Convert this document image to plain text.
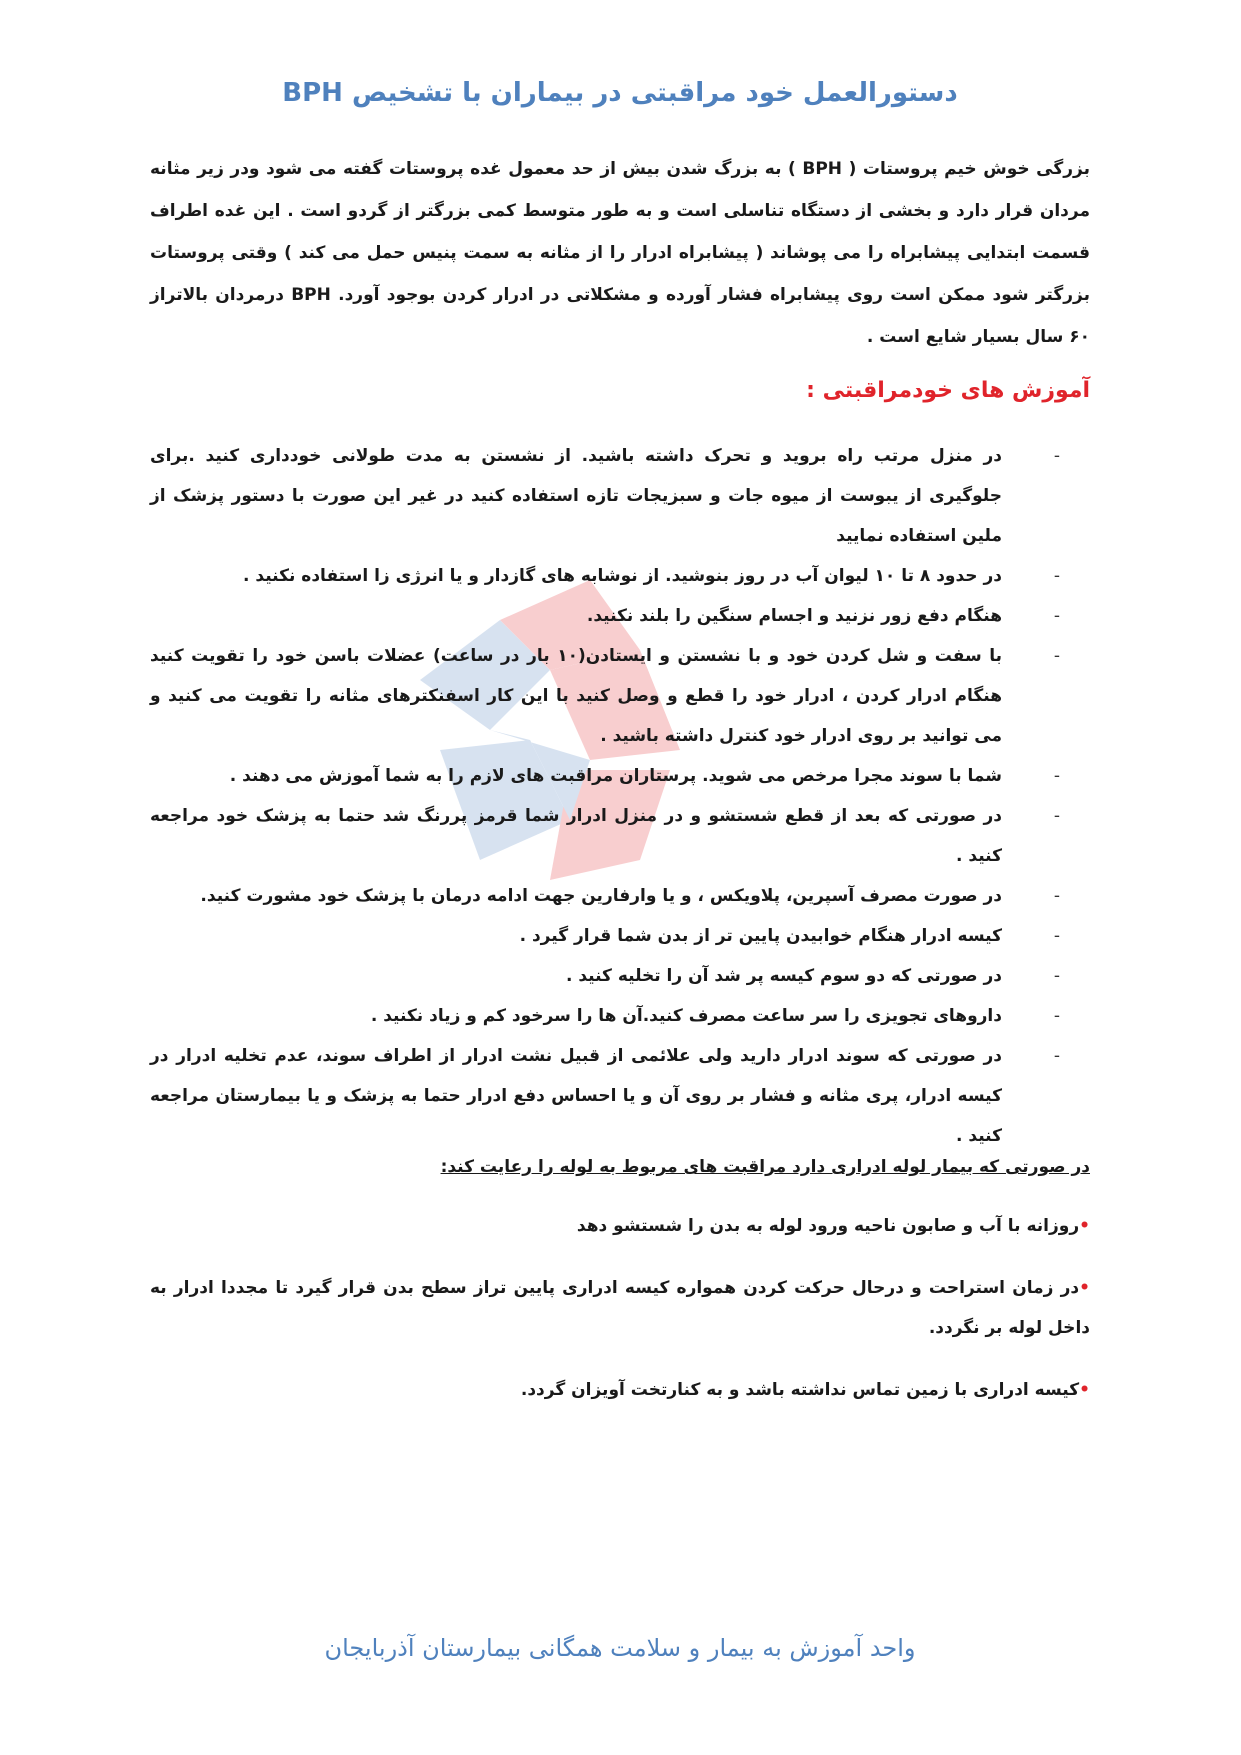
دستورالعمل خود مراقبتی در بیماران با تشخیص BPH

بزرگی خوش خیم پروستات ( BPH ) به بزرگ شدن بیش از حد معمول غده پروستات گفته می شود ودر زیر مثانه مردان قرار دارد و بخشی از دستگاه تناسلی است و به طور متوسط کمی بزرگتر از گردو است . این غده اطراف قسمت ابتدایی پیشابراه را می پوشاند ( پیشابراه ادرار را از مثانه به سمت پنیس حمل می کند ) وقتی پروستات بزرگتر شود ممکن است روی پیشابراه فشار آورده و مشکلاتی در ادرار کردن بوجود آورد. BPH درمردان بالاتراز ۶۰ سال بسیار شایع است .

آموزش های خودمراقبتی :
-
در منزل مرتب راه بروید و تحرک داشته باشید. از نشستن به مدت طولانی خودداری کنید .برای جلوگیری از یبوست از میوه جات و سبزیجات تازه استفاده کنید در غیر این صورت با دستور پزشک از ملین استفاده نمایید
-
در حدود ۸ تا ۱۰ لیوان آب در روز بنوشید. از نوشابه های گازدار و یا انرژی زا استفاده نکنید .
-
هنگام دفع زور نزنید و اجسام سنگین را بلند نکنید.
-
با سفت و شل کردن خود و با نشستن و ایستادن(۱۰ بار در ساعت) عضلات باسن خود را تقویت کنید هنگام ادرار کردن ، ادرار خود را قطع و وصل کنید با این کار اسفنکترهای مثانه را تقویت می کنید و می توانید بر روی ادرار خود کنترل داشته باشید .
-
شما با سوند مجرا مرخص می شوید. پرستاران مراقبت های لازم را به شما آموزش می دهند .
-
در صورتی که بعد از قطع شستشو و در منزل ادرار شما قرمز پررنگ شد حتما به پزشک خود مراجعه کنید .
-
در صورت مصرف آسپرین، پلاویکس ، و یا وارفارین جهت ادامه درمان با پزشک خود مشورت کنید.
-
کیسه ادرار هنگام خوابیدن پایین تر از بدن شما قرار گیرد .
-
در صورتی که دو سوم کیسه پر شد آن را تخلیه کنید .
-
داروهای تجویزی را سر ساعت مصرف کنید.آن ها را سرخود کم و زیاد نکنید .
-
در صورتی که سوند ادرار دارید ولی علائمی از قبیل نشت ادرار از اطراف سوند، عدم تخلیه ادرار در کیسه ادرار، پری مثانه و فشار بر روی آن و یا احساس دفع ادرار حتما به پزشک و یا بیمارستان مراجعه کنید .
در صورتی که بیمار لوله ادراری دارد مراقبت های مربوط به لوله را رعایت کند:

•روزانه با آب و صابون ناحیه ورود لوله به بدن را شستشو دهد

•در زمان استراحت و درحال حرکت کردن همواره کیسه ادراری پایین تراز سطح بدن قرار گیرد تا مجددا ادرار به داخل لوله بر نگردد.

•کیسه ادراری با زمین تماس نداشته باشد و به کنارتخت آویزان گردد.

واحد آموزش به بیمار و سلامت همگانی بیمارستان آذربایجان
